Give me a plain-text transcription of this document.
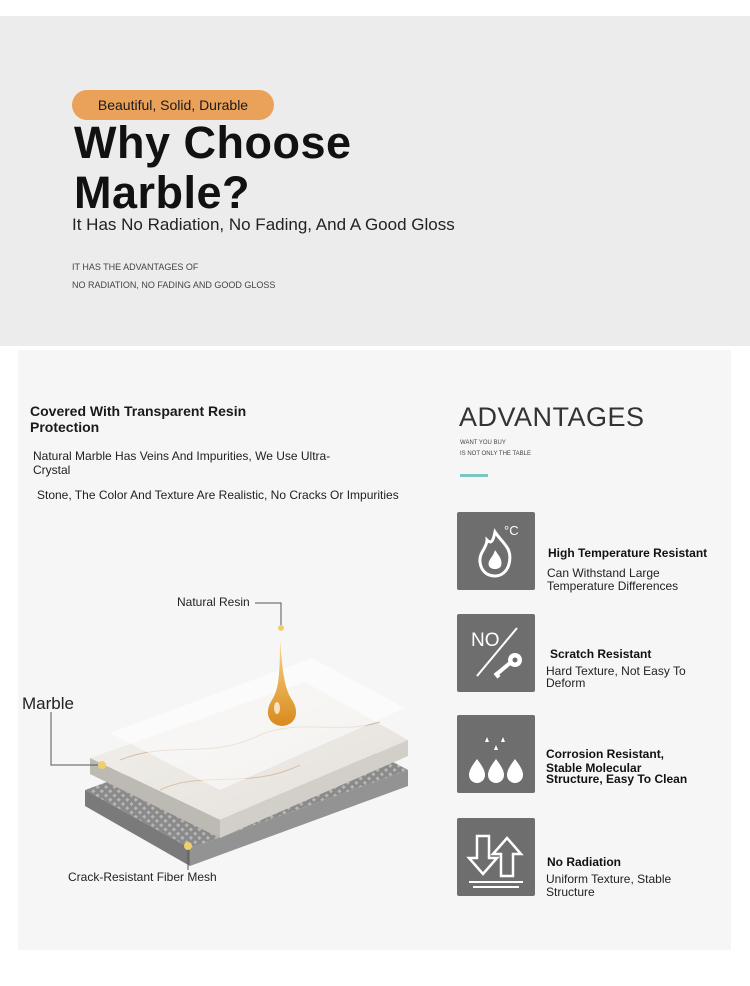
Beautiful, Solid, Durable
Why Choose
Marble?
It Has No Radiation, No Fading, And A Good Gloss
IT HAS THE ADVANTAGES OF
NO RADIATION, NO FADING AND GOOD GLOSS
Covered With Transparent Resin Protection
Natural Marble Has Veins And Impurities, We Use Ultra-Crystal
Stone, The Color And Texture Are Realistic, No Cracks Or Impurities
Natural Resin
Marble
Crack-Resistant Fiber Mesh
ADVANTAGES
WANT YOU BUY
IS NOT ONLY THE TABLE
°C
High Temperature Resistant
Can Withstand Large
Temperature Differences
NO
Scratch Resistant
Hard Texture, Not Easy To
Deform
Corrosion Resistant,
Stable Molecular
Structure, Easy To Clean
No Radiation
Uniform Texture, Stable
Structure
